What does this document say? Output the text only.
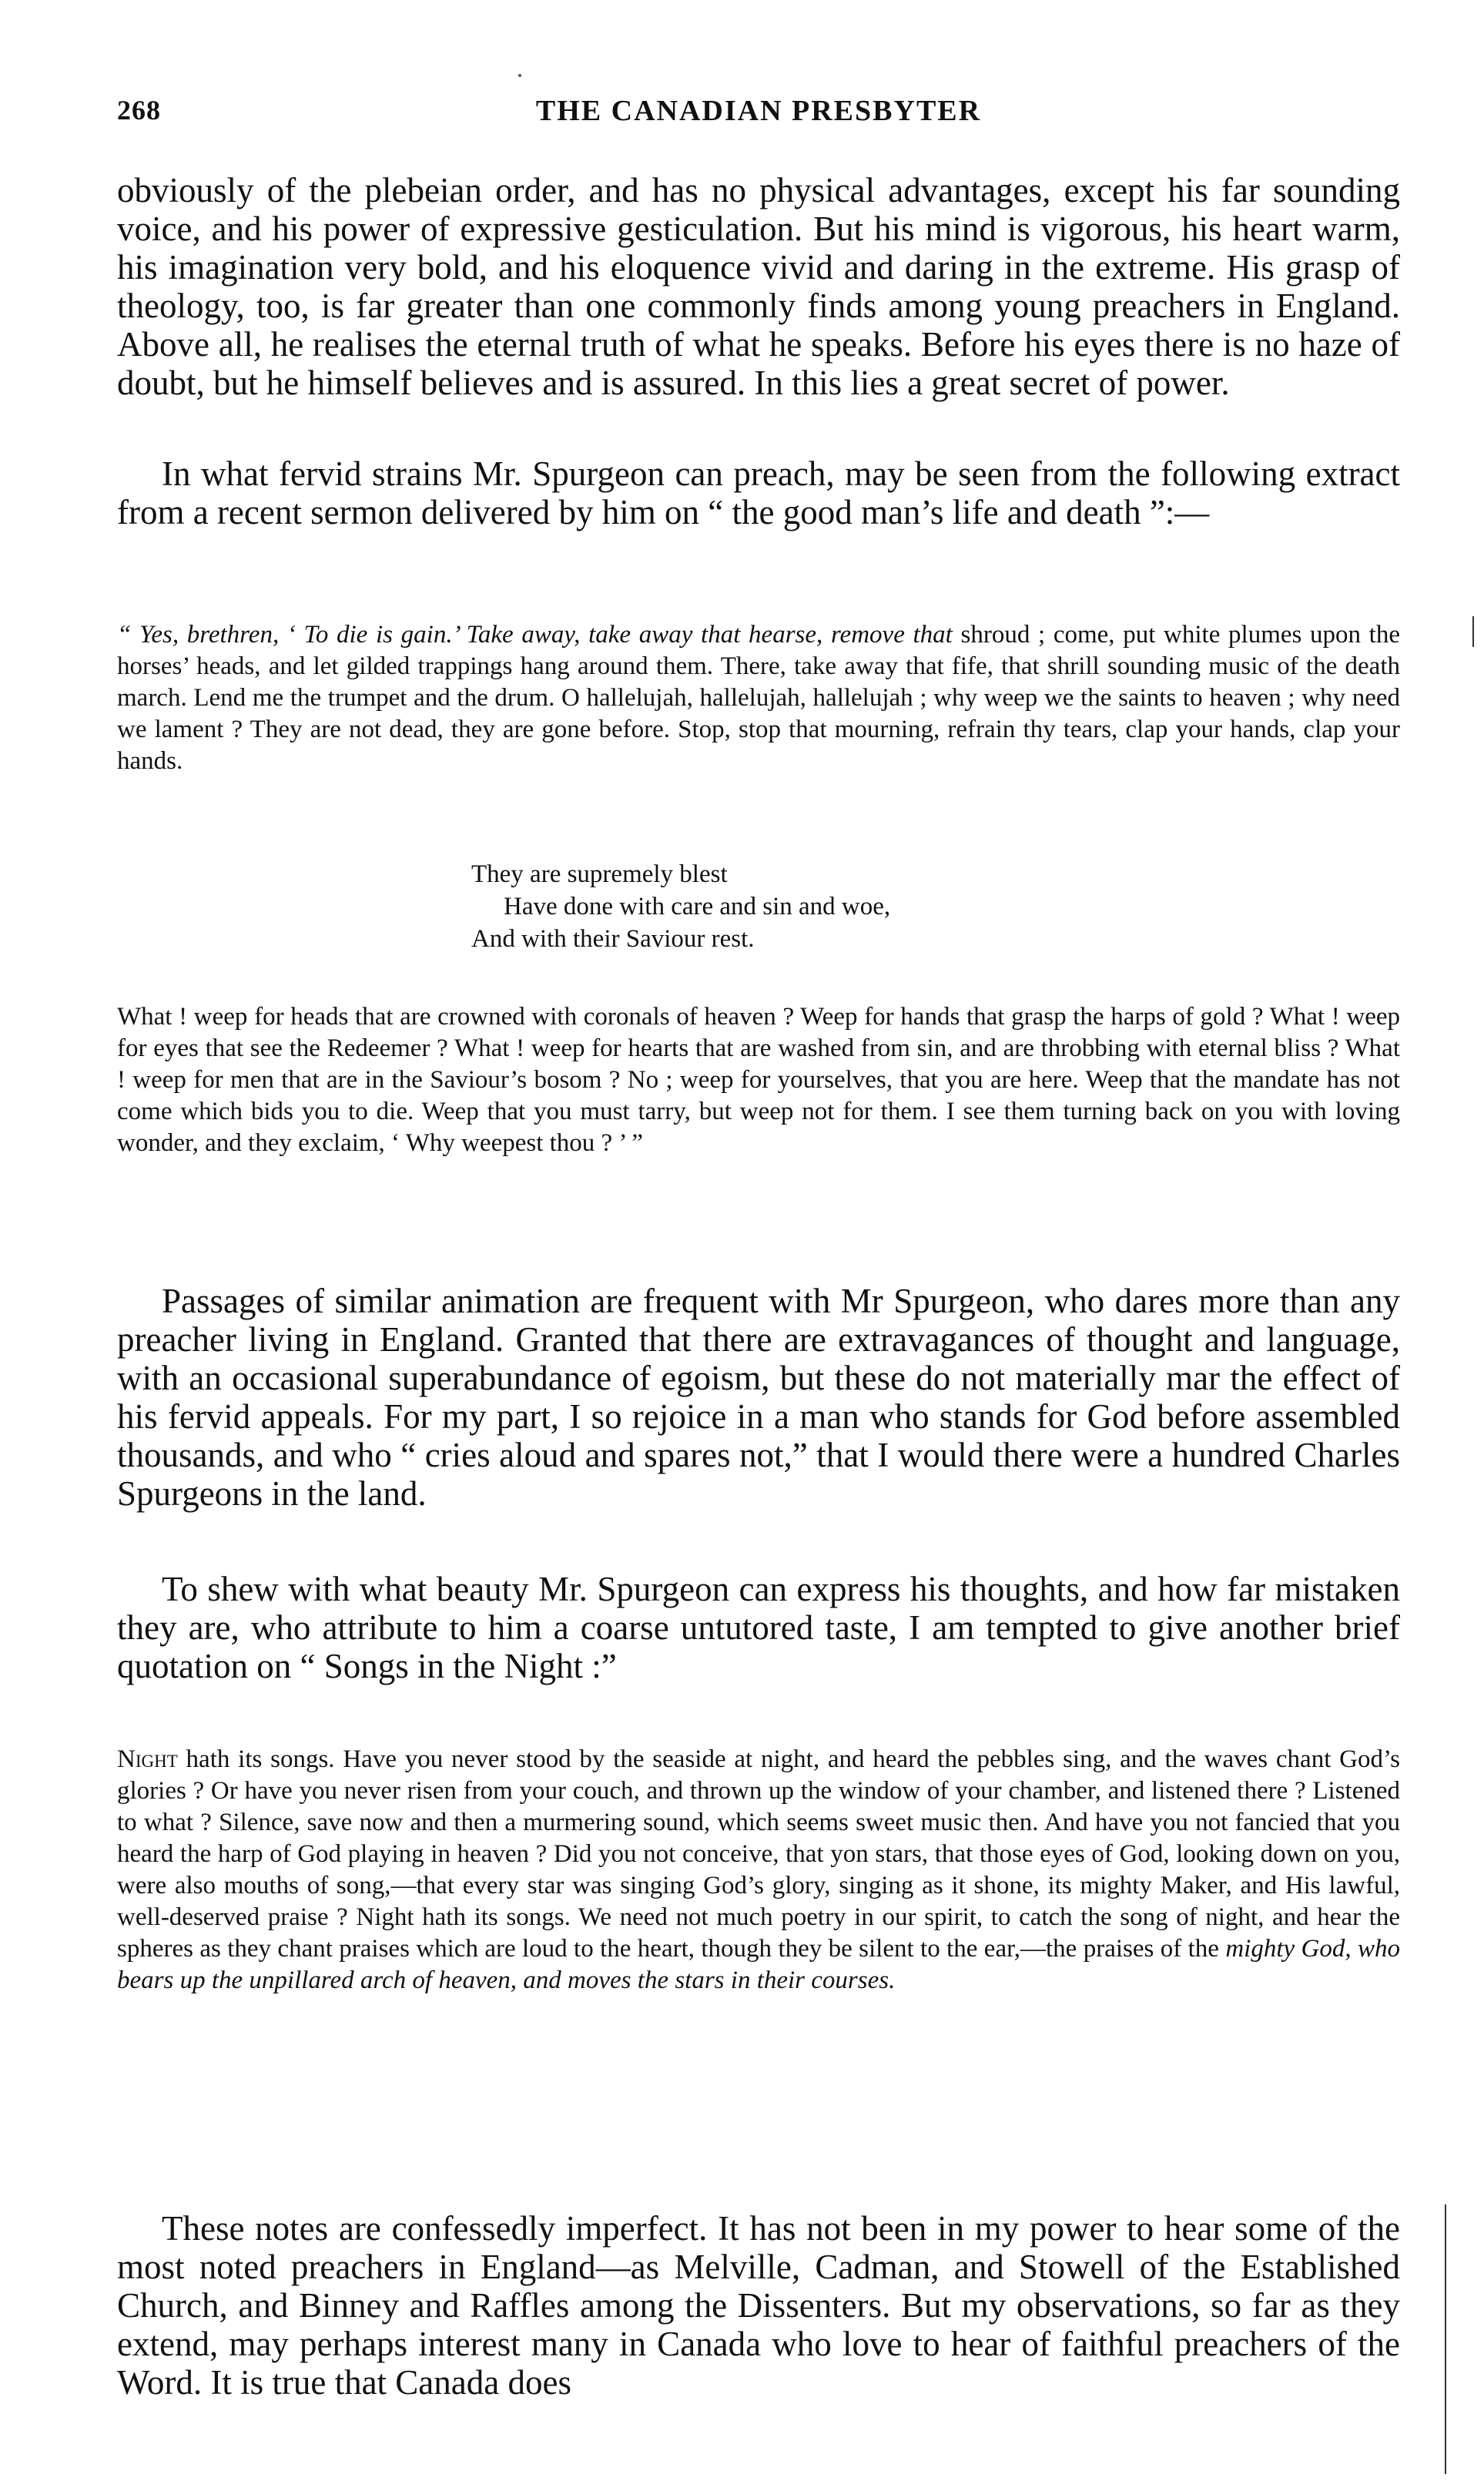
268	THE CANADIAN PRESBYTER

obviously of the plebeian order, and has no physical advantages, except his far sounding voice, and his power of expressive gesticulation. But his mind is vigorous, his heart warm, his imagination very bold, and his eloquence vivid and daring in the extreme. His grasp of theology, too, is far greater than one commonly finds among young preachers in England. Above all, he realises the eternal truth of what he speaks. Before his eyes there is no haze of doubt, but he himself believes and is assured. In this lies a great secret of power.

In what fervid strains Mr. Spurgeon can preach, may be seen from the following extract from a recent sermon delivered by him on “ the good man’s life and death ”:—

“ Yes, brethren, ‘ To die is gain.’ Take away, take away that hearse, remove that shroud ; come, put white plumes upon the horses’ heads, and let gilded trappings hang around them. There, take away that fife, that shrill sounding music of the death march. Lend me the trumpet and the drum. O hallelujah, hallelujah, hallelujah ; why weep we the saints to heaven ; why need we lament ? They are not dead, they are gone before. Stop, stop that mourning, refrain thy tears, clap your hands, clap your hands.

They are supremely blest
Have done with care and sin and woe,
And with their Saviour rest.

What ! weep for heads that are crowned with coronals of heaven ? Weep for hands that grasp the harps of gold ? What ! weep for eyes that see the Redeemer ? What ! weep for hearts that are washed from sin, and are throbbing with eternal bliss ? What ! weep for men that are in the Saviour’s bosom ? No ; weep for yourselves, that you are here. Weep that the mandate has not come which bids you to die. Weep that you must tarry, but weep not for them. I see them turning back on you with loving wonder, and they exclaim, ‘ Why weepest thou ? ’ ”

Passages of similar animation are frequent with Mr Spurgeon, who dares more than any preacher living in England. Granted that there are extravagances of thought and language, with an occasional superabundance of egoism, but these do not materially mar the effect of his fervid appeals. For my part, I so rejoice in a man who stands for God before assembled thousands, and who “ cries aloud and spares not,” that I would there were a hundred Charles Spurgeons in the land.

To shew with what beauty Mr. Spurgeon can express his thoughts, and how far mistaken they are, who attribute to him a coarse untutored taste, I am tempted to give another brief quotation on “ Songs in the Night :”

Night hath its songs. Have you never stood by the seaside at night, and heard the pebbles sing, and the waves chant God’s glories ? Or have you never risen from your couch, and thrown up the window of your chamber, and listened there ? Listened to what ? Silence, save now and then a murmering sound, which seems sweet music then. And have you not fancied that you heard the harp of God playing in heaven ? Did you not conceive, that yon stars, that those eyes of God, looking down on you, were also mouths of song,—that every star was singing God’s glory, singing as it shone, its mighty Maker, and His lawful, well-deserved praise ? Night hath its songs. We need not much poetry in our spirit, to catch the song of night, and hear the spheres as they chant praises which are loud to the heart, though they be silent to the ear,—the praises of the mighty God, who bears up the unpillared arch of heaven, and moves the stars in their courses.

These notes are confessedly imperfect. It has not been in my power to hear some of the most noted preachers in England—as Melville, Cadman, and Stowell of the Established Church, and Binney and Raffles among the Dissenters. But my observations, so far as they extend, may perhaps interest many in Canada who love to hear of faithful preachers of the Word. It is true that Canada does
